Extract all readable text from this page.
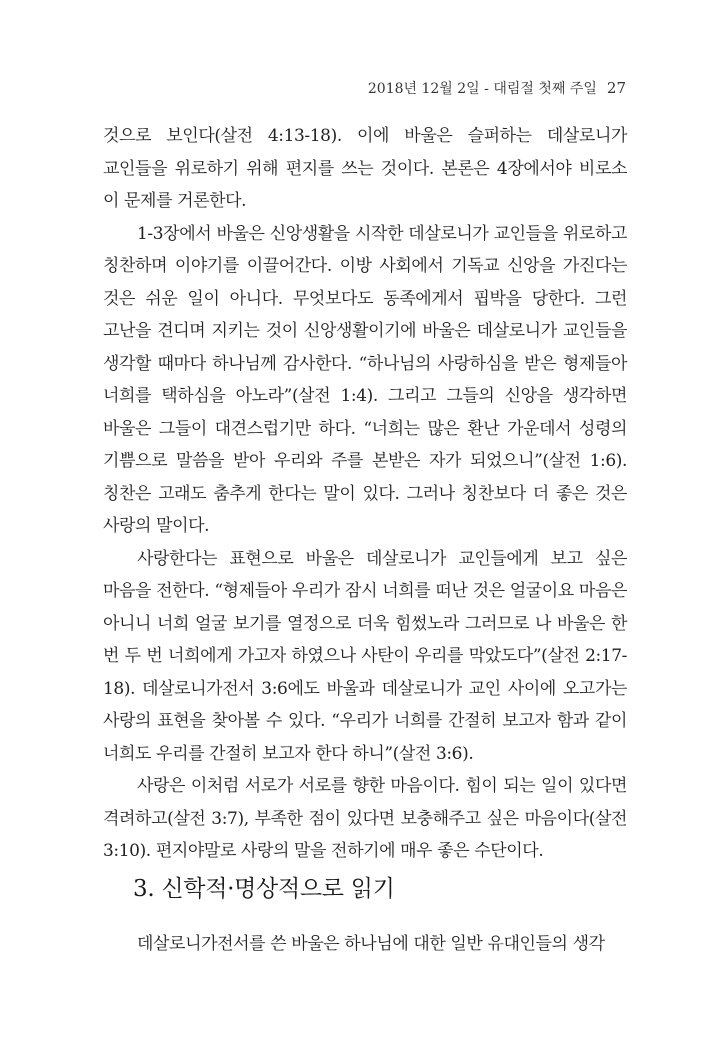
2018년 12월 2일 - 대림절 첫째 주일 27

것으로 보인다(살전 4:13-18). 이에 바울은 슬퍼하는 데살로니가 교인들을 위로하기 위해 편지를 쓰는 것이다. 본론은 4장에서야 비로소 이 문제를 거론한다.

1-3장에서 바울은 신앙생활을 시작한 데살로니가 교인들을 위로하고 칭찬하며 이야기를 이끌어간다. 이방 사회에서 기독교 신앙을 가진다는 것은 쉬운 일이 아니다. 무엇보다도 동족에게서 핍박을 당한다. 그런 고난을 견디며 지키는 것이 신앙생활이기에 바울은 데살로니가 교인들을 생각할 때마다 하나님께 감사한다. “하나님의 사랑하심을 받은 형제들아 너희를 택하심을 아노라”(살전 1:4). 그리고 그들의 신앙을 생각하면 바울은 그들이 대견스럽기만 하다. “너희는 많은 환난 가운데서 성령의 기쁨으로 말씀을 받아 우리와 주를 본받은 자가 되었으니”(살전 1:6). 칭찬은 고래도 춤추게 한다는 말이 있다. 그러나 칭찬보다 더 좋은 것은 사랑의 말이다.

사랑한다는 표현으로 바울은 데살로니가 교인들에게 보고 싶은 마음을 전한다. “형제들아 우리가 잠시 너희를 떠난 것은 얼굴이요 마음은 아니니 너희 얼굴 보기를 열정으로 더욱 힘썼노라 그러므로 나 바울은 한 번 두 번 너희에게 가고자 하였으나 사탄이 우리를 막았도다”(살전 2:17-18). 데살로니가전서 3:6에도 바울과 데살로니가 교인 사이에 오고가는 사랑의 표현을 찾아볼 수 있다. “우리가 너희를 간절히 보고자 함과 같이 너희도 우리를 간절히 보고자 한다 하니”(살전 3:6).

사랑은 이처럼 서로가 서로를 향한 마음이다. 힘이 되는 일이 있다면 격려하고(살전 3:7), 부족한 점이 있다면 보충해주고 싶은 마음이다(살전 3:10). 편지야말로 사랑의 말을 전하기에 매우 좋은 수단이다.

3. 신학적·명상적으로 읽기

데살로니가전서를 쓴 바울은 하나님에 대한 일반 유대인들의 생각
